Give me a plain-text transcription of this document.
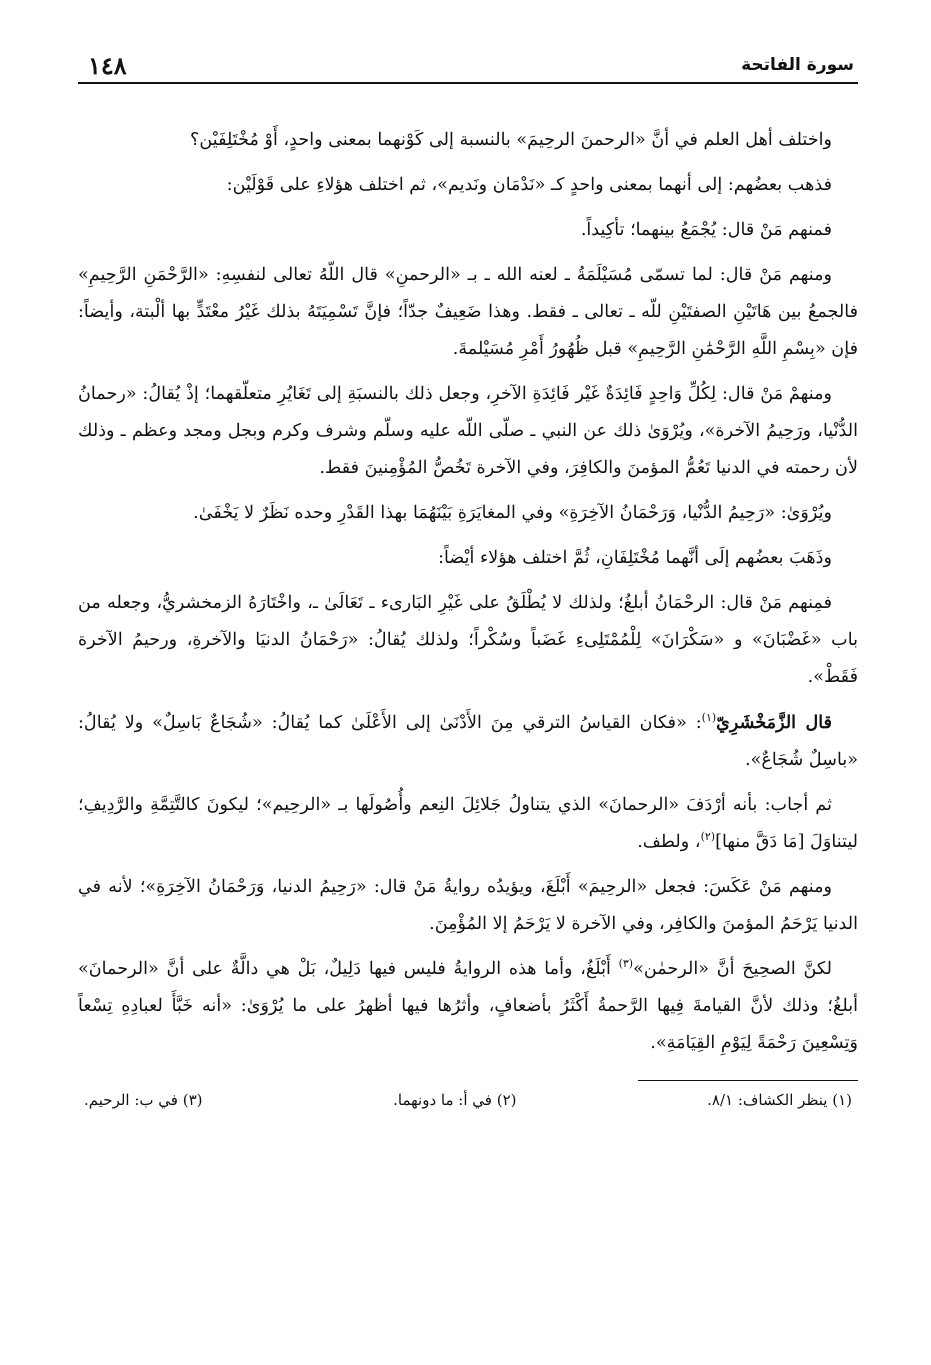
سورة الفاتحة
١٤٨

واختلف أهل العلم في أنَّ «الرحمنَ الرحِيمَ» بالنسبة إلى كَوْنهما بمعنى واحدٍ، أَوْ مُخْتَلِفَيْن؟

فذهب بعضُهم: إلى أنهما بمعنى واحدٍ كـ «نَدْمَان ونَديم»، ثم اختلف هؤلاءِ على قَوْلَيْن:

فمنهم مَنْ قال: يُجْمَعُ بينهما؛ تأكِيداً.

ومنهم مَنْ قال: لما تسمّى مُسَيْلَمَةُ ـ لعنه الله ـ بـ «الرحمنِ» قال اللّهُ تعالى لنفسِهِ: «الرَّحْمَنِ الرَّحِيمِ» فالجمعُ بين هَاتَيْنِ الصفتَيْنِ للّه ـ تعالى ـ فقط. وهذا ضَعِيفٌ جدّاً؛ فإنَّ تَسْمِيَتَهُ بذلك غَيْرُ معْتَدٍّ بها ألْبتة، وأيضاً: فإن «بِسْمِ اللَّهِ الرَّحْمَٰنِ الرَّحِيمِ» قبل ظُهُورُ أَمْرِ مُسَيْلمةَ.

ومنهمْ مَنْ قال: لِكُلِّ وَاحِدٍ فَائِدَةٌ غَيْر فَائِدَةِ الآخرِ، وجعل ذلك بالنسبَةِ إلى تَغَايُرِ متعلّقهما؛ إذْ يُقالُ: «رحمانُ الدُّنْيا، ورَحِيمُ الآخرة»، ويُرْوَىٰ ذلك عن النبي ـ صلّى اللّه عليه وسلّم وشرف وكرم وبجل ومجد وعظم ـ وذلك لأن رحمته في الدنيا تَعُمُّ المؤمنَ والكافِرَ، وفي الآخرة تَخُصُّ المُؤْمِنينَ فقط.

ويُرْوَىٰ: «رَحِيمُ الدُّنْيا، وَرَحْمَانُ الآخِرَةِ» وفي المغايَرَةِ بَيْنَهُمَا بهذا القَدْرِ وحده نَظَرٌ لا يَخْفَىٰ.

وذَهَبَ بعضُهم إلَى أنَّهما مُخْتَلِفَانِ، ثُمَّ اختلف هؤلاء أيْضاً:

فمِنهم مَنْ قال: الرحْمَانُ أبلغُ؛ ولذلك لا يُطْلَقُ على غَيْرِ البَارىء ـ تَعَالَىٰ ـ، واخْتَارَهُ الزمخشريُّ، وجعله من باب «غَضْبَانَ» و «سَكْرَانَ» لِلْمُمْتَلِىءِ غَضَباً وسُكْراً؛ ولذلك يُقالُ: «رَحْمَانُ الدنيَا والآخرةِ، ورحيمُ الآخرة فَقَطْ».

قال الزَّمَخْشَرِيّ$^{(١)}$: «فكان القياسُ الترقي مِنَ الأَدْنَىٰ إلى الأَعْلَىٰ كما يُقالُ: «شُجَاعٌ بَاسِلٌ» ولا يُقالُ: «باسِلٌ شُجَاعٌ».

ثم أجاب: بأنه أرْدَفَ «الرحمانَ» الذي يتناولُ جَلائِلَ النِعم وأُصُولَها بـ «الرحِيم»؛ ليكونَ كالتَّتِمَّةِ والرَّدِيفِ؛ ليتناوَلَ [مَا دَقَّ منها]$^{(٢)}$، ولطف.

ومنهم مَنْ عَكَسَ: فجعل «الرحِيمَ» أَبْلَغَ، ويؤيدُه روايةُ مَنْ قال: «رَحِيمُ الدنيا، وَرَحْمَانُ الآخِرَةِ»؛ لأنه في الدنيا يَرْحَمُ المؤمنَ والكافِر، وفي الآخرة لا يَرْحَمُ إلا المُؤْمِنَ.

لكنَّ الصحِيحَ أنَّ «الرحمٰن»$^{(٣)}$ أَبْلَغُ، وأما هذه الروايةُ فليس فيها دَلِيلٌ، بَلْ هي دالَّةٌ على أنَّ «الرحمانَ» أبلغُ؛ وذلك لأنَّ القيامةَ فِيها الرَّحمةُ أَكْثَرُ بأضعافٍ، وأثرُها فيها أظهرُ على ما يُرْوَىٰ: «أنه خَبَّأَ لعبادِهِ تِسْعاً وَتِسْعِينَ رَحْمَةً لِيَوْمِ القِيَامَةِ».

(١) ينظر الكشاف: ٨/١.
(٢) في أ: ما دونهما.
(٣) في ب: الرحيم.
